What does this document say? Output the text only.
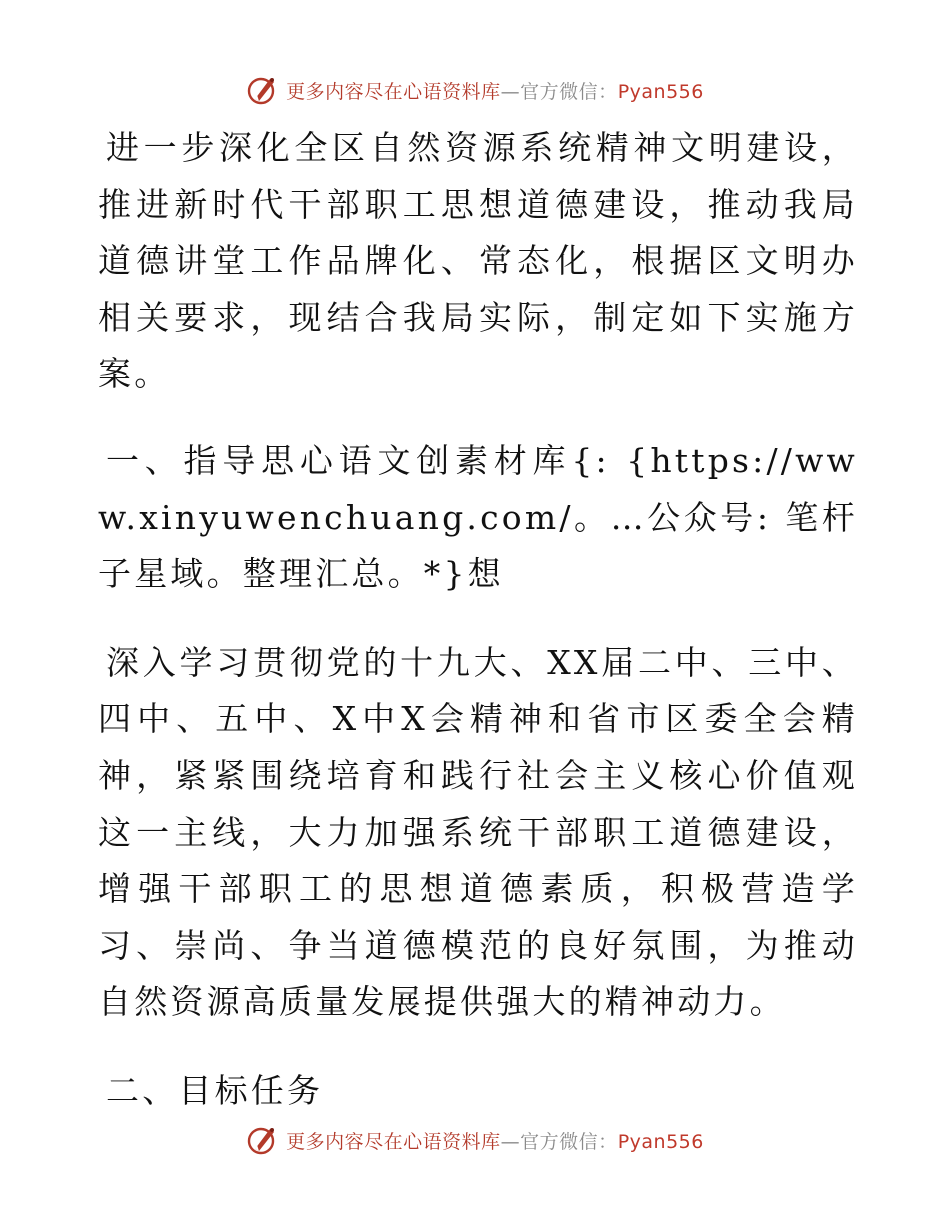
更多内容尽在心语资料库—官方微信：Pyan556

进一步深化全区自然资源系统精神文明建设，推进新时代干部职工思想道德建设，推动我局道德讲堂工作品牌化、常态化，根据区文明办相关要求，现结合我局实际，制定如下实施方案。

一、指导思心语文创素材库{: {https://www.xinyuwenchuang.com/。…公众号: 笔杆子星域。整理汇总。*}想

深入学习贯彻党的十九大、XX届二中、三中、四中、五中、X中X会精神和省市区委全会精神，紧紧围绕培育和践行社会主义核心价值观这一主线，大力加强系统干部职工道德建设，增强干部职工的思想道德素质，积极营造学习、崇尚、争当道德模范的良好氛围，为推动自然资源高质量发展提供强大的精神动力。

二、目标任务

更多内容尽在心语资料库—官方微信：Pyan556
